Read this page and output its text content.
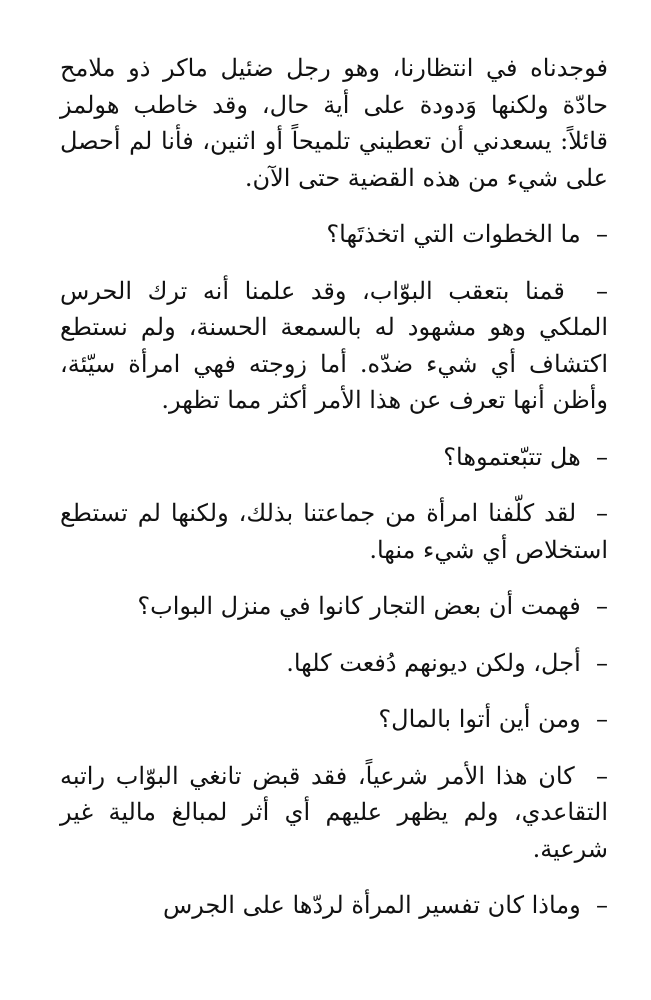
فوجدناه في انتظارنا، وهو رجل ضئيل ماكر ذو ملامح حادّة ولكنها وَدودة على أية حال، وقد خاطب هولمز قائلاً: يسعدني أن تعطيني تلميحاً أو اثنين، فأنا لم أحصل على شيء من هذه القضية حتى الآن.

–  ما الخطوات التي اتخذتَها؟

–  قمنا بتعقب البوّاب، وقد علمنا أنه ترك الحرس الملكي وهو مشهود له بالسمعة الحسنة، ولم نستطع اكتشاف أي شيء ضدّه. أما زوجته فهي امرأة سيّئة، وأظن أنها تعرف عن هذا الأمر أكثر مما تظهر.

–  هل تتبّعتموها؟

–  لقد كلّفنا امرأة من جماعتنا بذلك، ولكنها لم تستطع استخلاص أي شيء منها.

–  فهمت أن بعض التجار كانوا في منزل البواب؟

–  أجل، ولكن ديونهم دُفعت كلها.

–  ومن أين أتوا بالمال؟

–  كان هذا الأمر شرعياً، فقد قبض تانغي البوّاب راتبه التقاعدي، ولم يظهر عليهم أي أثر لمبالغ مالية غير شرعية.

–  وماذا كان تفسير المرأة لردّها على الجرس
